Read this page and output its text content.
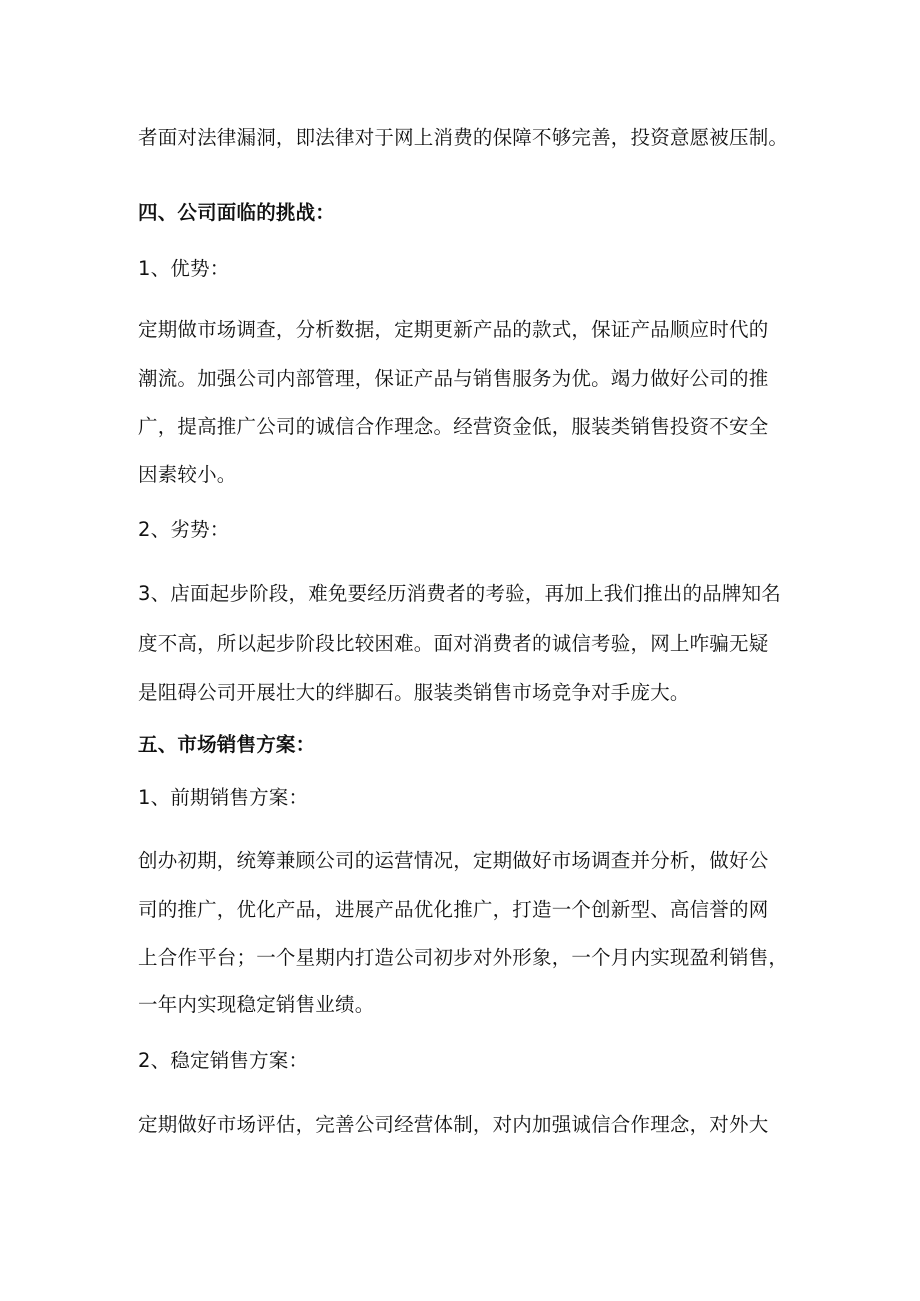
者面对法律漏洞，即法律对于网上消费的保障不够完善，投资意愿被压制。
四、公司面临的挑战：
1、优势：
定期做市场调查，分析数据，定期更新产品的款式，保证产品顺应时代的
潮流。加强公司内部管理，保证产品与销售服务为优。竭力做好公司的推
广，提高推广公司的诚信合作理念。经营资金低，服装类销售投资不安全
因素较小。
2、劣势：
3、店面起步阶段，难免要经历消费者的考验，再加上我们推出的品牌知名
度不高，所以起步阶段比较困难。面对消费者的诚信考验，网上咋骗无疑
是阻碍公司开展壮大的绊脚石。服装类销售市场竞争对手庞大。
五、市场销售方案：
1、前期销售方案：
创办初期，统筹兼顾公司的运营情况，定期做好市场调查并分析，做好公
司的推广，优化产品，进展产品优化推广，打造一个创新型、高信誉的网
上合作平台；一个星期内打造公司初步对外形象，一个月内实现盈利销售，
一年内实现稳定销售业绩。
2、稳定销售方案：
定期做好市场评估，完善公司经营体制，对内加强诚信合作理念，对外大
